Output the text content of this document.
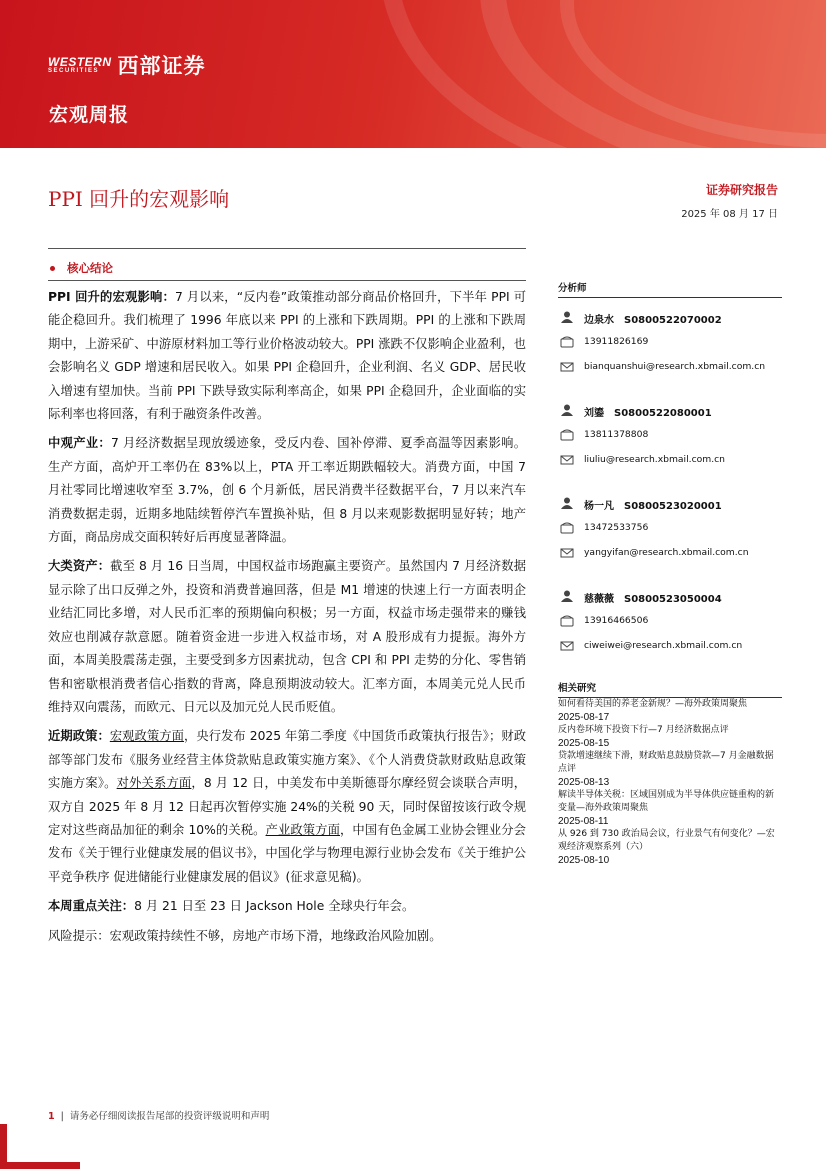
WESTERN
SECURITIES 西部证券
宏观周报
PPI 回升的宏观影响	证券研究报告
2025 年 08 月 17 日
核心结论

PPI 回升的宏观影响：7 月以来，“反内卷”政策推动部分商品价格回升，下半年 PPI 可能企稳回升。我们梳理了 1996 年底以来 PPI 的上涨和下跌周期。PPI 的上涨和下跌周期中，上游采矿、中游原材料加工等行业价格波动较大。PPI 涨跌不仅影响企业盈利，也会影响名义 GDP 增速和居民收入。如果 PPI 企稳回升，企业利润、名义 GDP、居民收入增速有望加快。当前 PPI 下跌导致实际利率高企，如果 PPI 企稳回升，企业面临的实际利率也将回落，有利于融资条件改善。

中观产业：7 月经济数据呈现放缓迹象，受反内卷、国补停滞、夏季高温等因素影响。生产方面，高炉开工率仍在 83%以上，PTA 开工率近期跌幅较大。消费方面，中国 7 月社零同比增速收窄至 3.7%，创 6 个月新低，居民消费半径数据平台，7 月以来汽车消费数据走弱，近期多地陆续暂停汽车置换补贴，但 8 月以来观影数据明显好转；地产方面，商品房成交面积转好后再度显著降温。

大类资产：截至 8 月 16 日当周，中国权益市场跑赢主要资产。虽然国内 7 月经济数据显示除了出口反弹之外，投资和消费普遍回落，但是 M1 增速的快速上行一方面表明企业结汇同比多增，对人民币汇率的预期偏向积极；另一方面，权益市场走强带来的赚钱效应也削减存款意愿。随着资金进一步进入权益市场，对 A 股形成有力提振。海外方面，本周美股震荡走强，主要受到多方因素扰动，包含 CPI 和 PPI 走势的分化、零售销售和密歇根消费者信心指数的背离，降息预期波动较大。汇率方面，本周美元兑人民币维持双向震荡，而欧元、日元以及加元兑人民币贬值。

近期政策：宏观政策方面，央行发布 2025 年第二季度《中国货币政策执行报告》；财政部等部门发布《服务业经营主体贷款贴息政策实施方案》、《个人消费贷款财政贴息政策实施方案》。对外关系方面，8 月 12 日，中美发布中美斯德哥尔摩经贸会谈联合声明，双方自 2025 年 8 月 12 日起再次暂停实施 24%的关税 90 天，同时保留按该行政令规定对这些商品加征的剩余 10%的关税。产业政策方面，中国有色金属工业协会锂业分会发布《关于锂行业健康发展的倡议书》，中国化学与物理电源行业协会发布《关于维护公平竞争秩序 促进储能行业健康发展的倡议》(征求意见稿)。

本周重点关注：8 月 21 日至 23 日 Jackson Hole 全球央行年会。

风险提示：宏观政策持续性不够，房地产市场下滑，地缘政治风险加剧。

分析师
边泉水　S0800522070002
13911826169
bianquanshui@research.xbmail.com.cn
刘鎏　S0800522080001
13811378808
liuliu@research.xbmail.com.cn
杨一凡　S0800523020001
13472533756
yangyifan@research.xbmail.com.cn
慈薇薇　S0800523050004
13916466506
ciweiwei@research.xbmail.com.cn
相关研究
如何看待美国的养老金新规？—海外政策周聚焦
2025-08-17
反内卷环境下投资下行—7 月经济数据点评
2025-08-15
贷款增速继续下滑，财政贴息鼓励贷款—7 月金融数据点评
2025-08-13
解读半导体关税：区域国别成为半导体供应链重构的新变量—海外政策周聚焦
2025-08-11
从 926 到 730 政治局会议，行业景气有何变化？—宏观经济观察系列（六）
2025-08-10
1  |  请务必仔细阅读报告尾部的投资评级说明和声明
